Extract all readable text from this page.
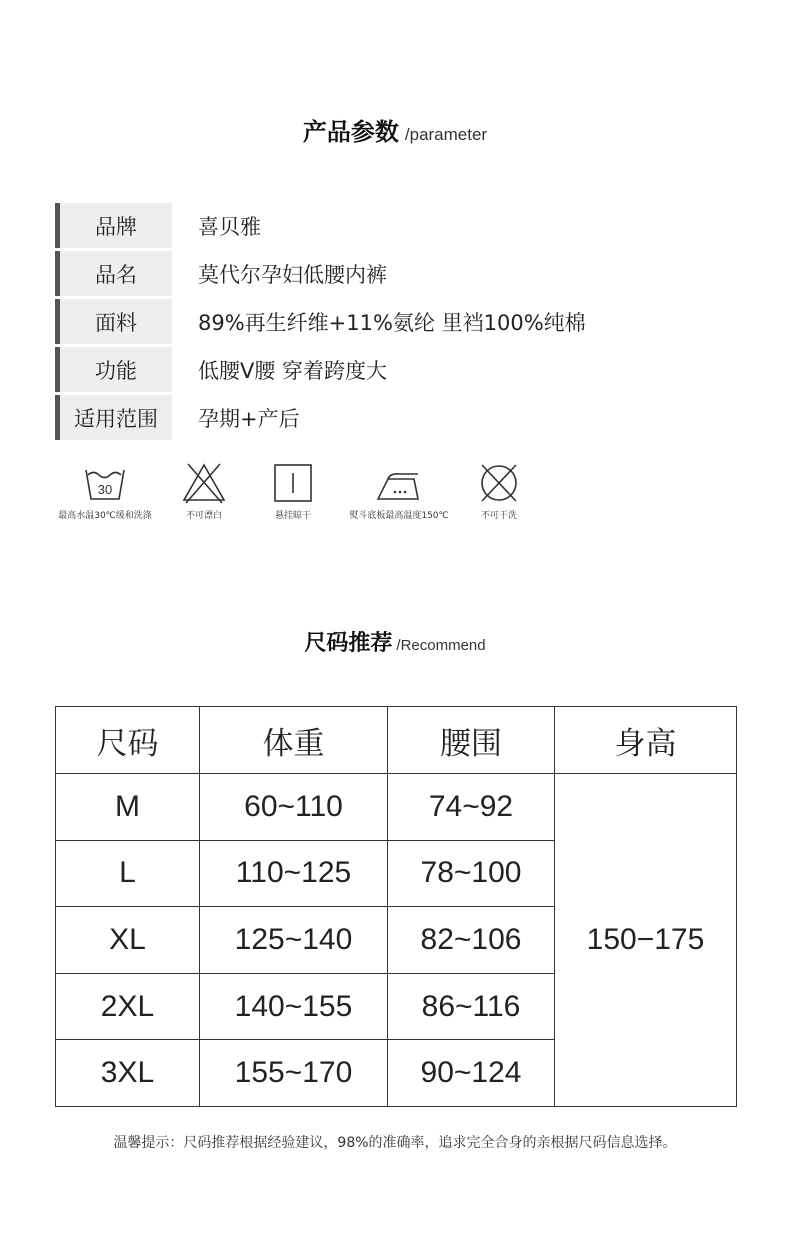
产品参数 /parameter
品牌	喜贝雅
品名	莫代尔孕妇低腰内裤
面料	89%再生纤维+11%氨纶 里裆100%纯棉
功能	低腰V腰 穿着跨度大
适用范围	孕期+产后
30
最高水温30℃缓和洗涤	不可漂白	悬挂晾干	熨斗底板最高温度150℃	不可干洗
尺码推荐 /Recommend
尺码	体重	腰围	身高
M	60~110	74~92	150−175
L	110~125	78~100	
XL	125~140	82~106	
2XL	140~155	86~116	
3XL	155~170	90~124	
温馨提示：尺码推荐根据经验建议，98%的准确率，追求完全合身的亲根据尺码信息选择。
